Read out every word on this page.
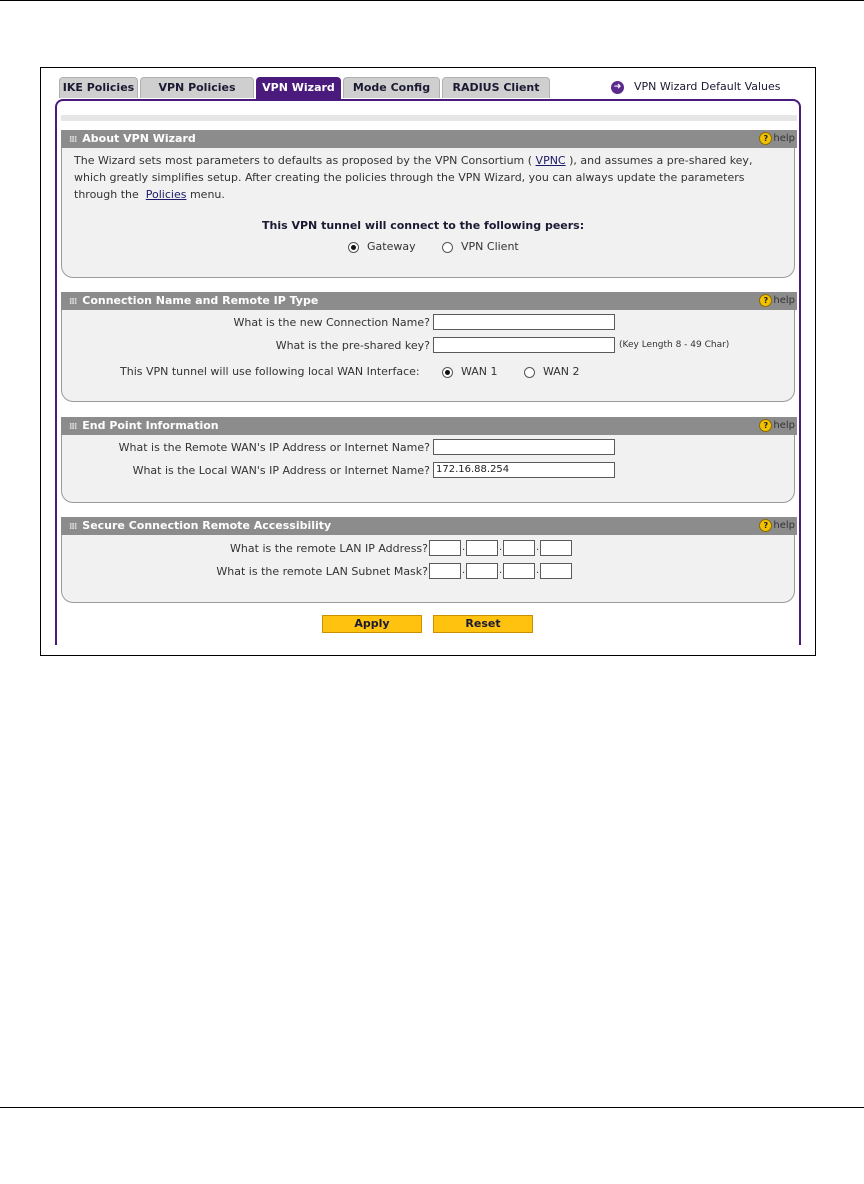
IKE Policies	VPN Policies	VPN Wizard	Mode Config	RADIUS Client	➜ VPN Wizard Default Values
⁞⁞⁞ About VPN Wizard	? help
The Wizard sets most parameters to defaults as proposed by the VPN Consortium ( VPNC ), and assumes a pre-shared key, which greatly simplifies setup. After creating the policies through the VPN Wizard, you can always update the parameters through the  Policies menu.
This VPN tunnel will connect to the following peers:
Gateway	VPN Client
⁞⁞⁞ Connection Name and Remote IP Type	? help
What is the new Connection Name?
What is the pre-shared key?	(Key Length 8 - 49 Char)
This VPN tunnel will use following local WAN Interface:	WAN 1	WAN 2
⁞⁞⁞ End Point Information	? help
What is the Remote WAN's IP Address or Internet Name?
What is the Local WAN's IP Address or Internet Name? 172.16.88.254
⁞⁞⁞ Secure Connection Remote Accessibility	? help
What is the remote LAN IP Address?	.	.	.
What is the remote LAN Subnet Mask?	.	.	.
Apply	Reset
